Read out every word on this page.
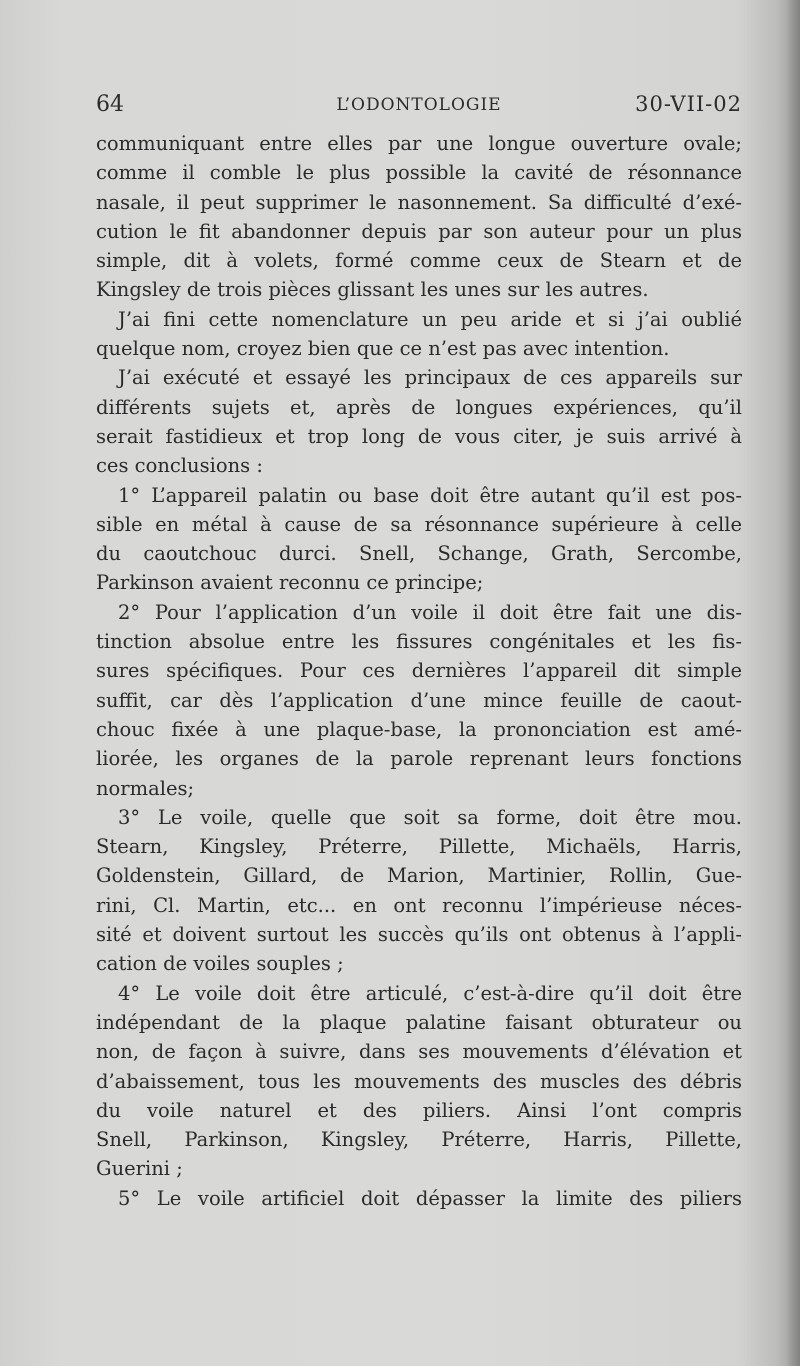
64	L’ODONTOLOGIE	30-VII-02
communiquant entre elles par une longue ouverture ovale;
comme il comble le plus possible la cavité de résonnance
nasale, il peut supprimer le nasonnement. Sa difficulté d’exé-
cution le fit abandonner depuis par son auteur pour un plus
simple, dit à volets, formé comme ceux de Stearn et de
Kingsley de trois pièces glissant les unes sur les autres.
J’ai fini cette nomenclature un peu aride et si j’ai oublié
quelque nom, croyez bien que ce n’est pas avec intention.
J’ai exécuté et essayé les principaux de ces appareils sur
différents sujets et, après de longues expériences, qu’il
serait fastidieux et trop long de vous citer, je suis arrivé à
ces conclusions :
1° L’appareil palatin ou base doit être autant qu’il est pos-
sible en métal à cause de sa résonnance supérieure à celle
du caoutchouc durci. Snell, Schange, Grath, Sercombe,
Parkinson avaient reconnu ce principe;
2° Pour l’application d’un voile il doit être fait une dis-
tinction absolue entre les fissures congénitales et les fis-
sures spécifiques. Pour ces dernières l’appareil dit simple
suffit, car dès l’application d’une mince feuille de caout-
chouc fixée à une plaque-base, la prononciation est amé-
liorée, les organes de la parole reprenant leurs fonctions
normales;
3° Le voile, quelle que soit sa forme, doit être mou.
Stearn, Kingsley, Préterre, Pillette, Michaëls, Harris,
Goldenstein, Gillard, de Marion, Martinier, Rollin, Gue-
rini, Cl. Martin, etc... en ont reconnu l’impérieuse néces-
sité et doivent surtout les succès qu’ils ont obtenus à l’appli-
cation de voiles souples ;
4° Le voile doit être articulé, c’est-à-dire qu’il doit être
indépendant de la plaque palatine faisant obturateur ou
non, de façon à suivre, dans ses mouvements d’élévation et
d’abaissement, tous les mouvements des muscles des débris
du voile naturel et des piliers. Ainsi l’ont compris
Snell, Parkinson, Kingsley, Préterre, Harris, Pillette,
Guerini ;
5° Le voile artificiel doit dépasser la limite des piliers
